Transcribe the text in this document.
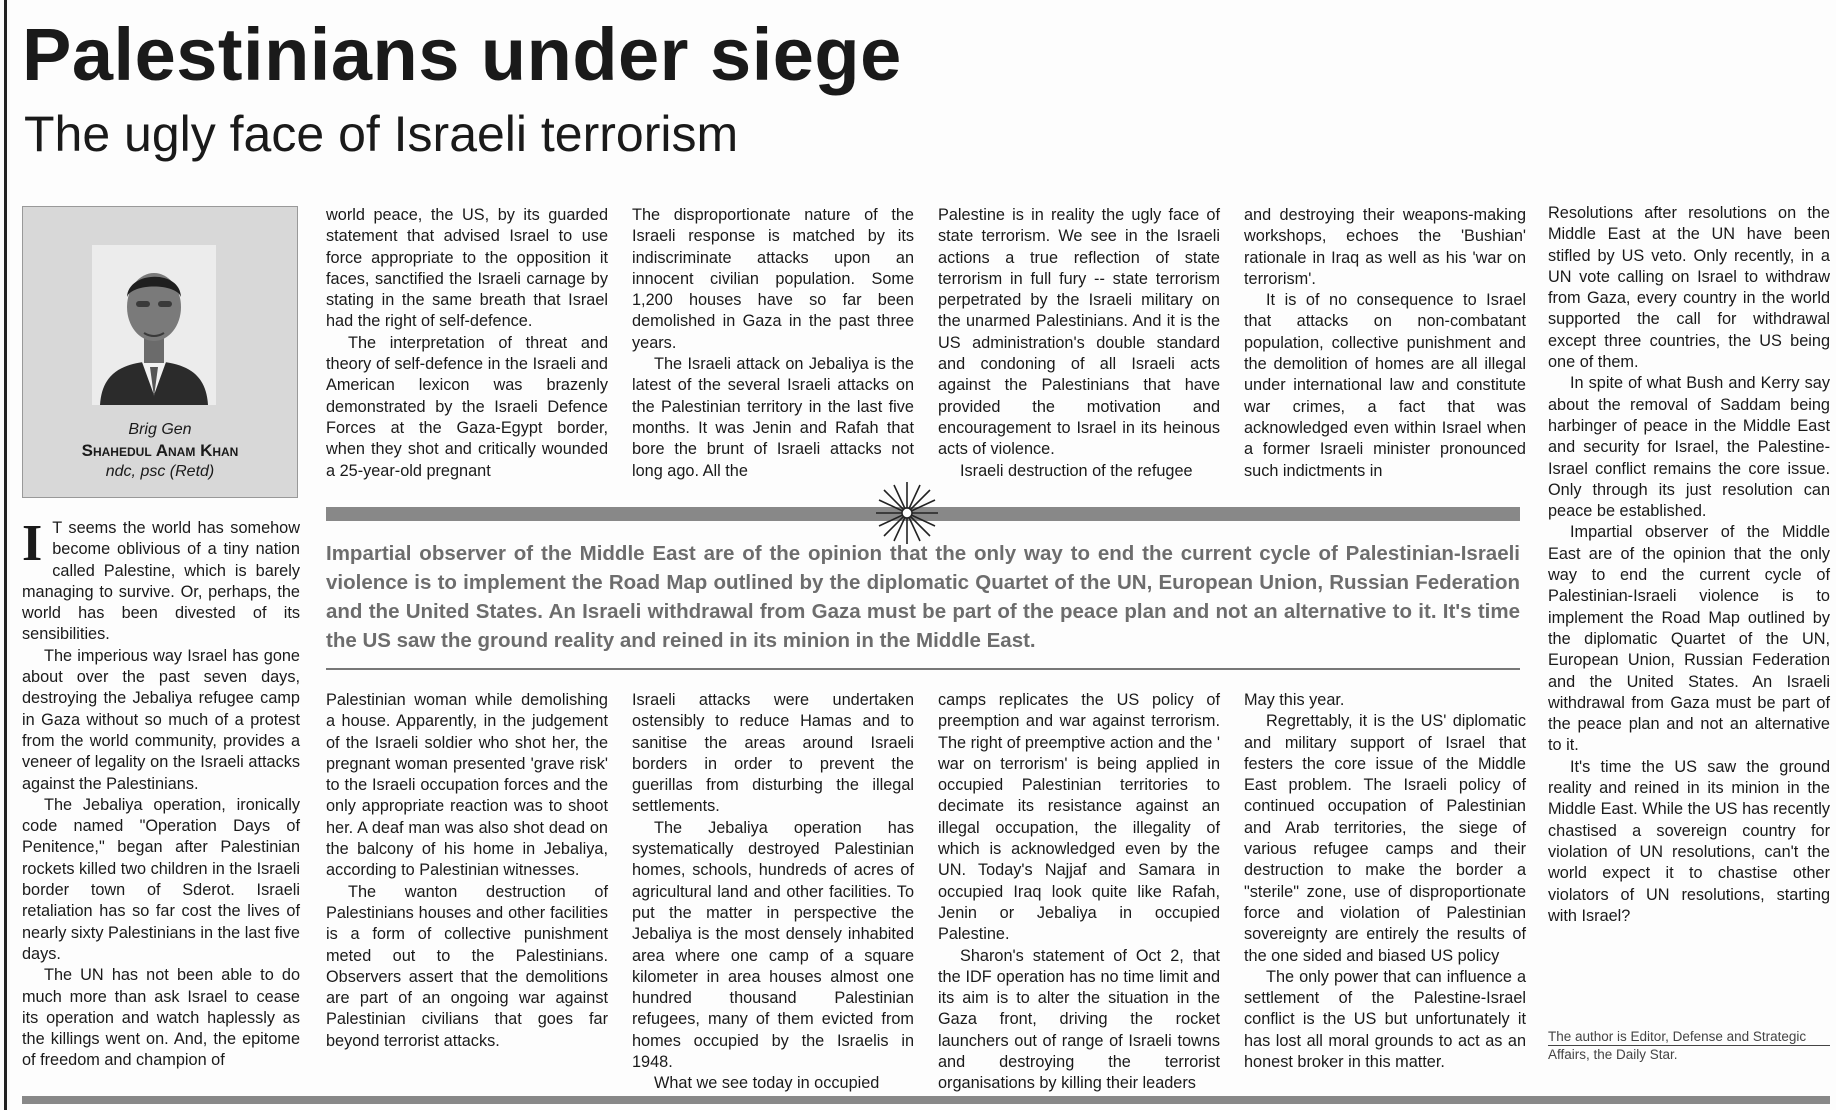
Palestinians under siege
The ugly face of Israeli terrorism
Brig Gen
Shahedul Anam Khan
ndc, psc (Retd)

I T seems the world has somehow become oblivious of a tiny nation called Palestine, which is barely managing to survive. Or, perhaps, the world has been divested of its sensibilities.

The imperious way Israel has gone about over the past seven days, destroying the Jebaliya refugee camp in Gaza without so much of a protest from the world community, provides a veneer of legality on the Israeli attacks against the Palestinians.

The Jebaliya operation, ironically code named "Operation Days of Penitence," began after Palestinian rockets killed two children in the Israeli border town of Sderot. Israeli retaliation has so far cost the lives of nearly sixty Palestinians in the last five days.

The UN has not been able to do much more than ask Israel to cease its operation and watch haplessly as the killings went on. And, the epitome of freedom and champion of

world peace, the US, by its guarded statement that advised Israel to use force appropriate to the opposition it faces, sanctified the Israeli carnage by stating in the same breath that Israel had the right of self-defence.

The interpretation of threat and theory of self-defence in the Israeli and American lexicon was brazenly demonstrated by the Israeli Defence Forces at the Gaza-Egypt border, when they shot and critically wounded a 25-year-old pregnant

The disproportionate nature of the Israeli response is matched by its indiscriminate attacks upon an innocent civilian population. Some 1,200 houses have so far been demolished in Gaza in the past three years.

The Israeli attack on Jebaliya is the latest of the several Israeli attacks on the Palestinian territory in the last five months. It was Jenin and Rafah that bore the brunt of Israeli attacks not long ago. All the

Palestine is in reality the ugly face of state terrorism. We see in the Israeli actions a true reflection of state terrorism in full fury -- state terrorism perpetrated by the Israeli military on the unarmed Palestinians. And it is the US administration's double standard and condoning of all Israeli acts against the Palestinians that have provided the motivation and encouragement to Israel in its heinous acts of violence.

Israeli destruction of the refugee

and destroying their weapons-making workshops, echoes the 'Bushian' rationale in Iraq as well as his 'war on terrorism'.

It is of no consequence to Israel that attacks on non-combatant population, collective punishment and the demolition of homes are all illegal under international law and constitute war crimes, a fact that was acknowledged even within Israel when a former Israeli minister pronounced such indictments in

Impartial observer of the Middle East are of the opinion that the only way to end the current cycle of Palestinian-Israeli violence is to implement the Road Map outlined by the diplomatic Quartet of the UN, European Union, Russian Federation and the United States. An Israeli withdrawal from Gaza must be part of the peace plan and not an alternative to it. It's time the US saw the ground reality and reined in its minion in the Middle East.

Palestinian woman while demolishing a house. Apparently, in the judgement of the Israeli soldier who shot her, the pregnant woman presented 'grave risk' to the Israeli occupation forces and the only appropriate reaction was to shoot her. A deaf man was also shot dead on the balcony of his home in Jebaliya, according to Palestinian witnesses.

The wanton destruction of Palestinians houses and other facilities is a form of collective punishment meted out to the Palestinians. Observers assert that the demolitions are part of an ongoing war against Palestinian civilians that goes far beyond terrorist attacks.

Israeli attacks were undertaken ostensibly to reduce Hamas and to sanitise the areas around Israeli borders in order to prevent the guerillas from disturbing the illegal settlements.

The Jebaliya operation has systematically destroyed Palestinian homes, schools, hundreds of acres of agricultural land and other facilities. To put the matter in perspective the Jebaliya is the most densely inhabited area where one camp of a square kilometer in area houses almost one hundred thousand Palestinian refugees, many of them evicted from homes occupied by the Israelis in 1948.

What we see today in occupied

camps replicates the US policy of preemption and war against terrorism. The right of preemptive action and the ' war on terrorism' is being applied in occupied Palestinian territories to decimate its resistance against an illegal occupation, the illegality of which is acknowledged even by the UN. Today's Najjaf and Samara in occupied Iraq look quite like Rafah, Jenin or Jebaliya in occupied Palestine.

Sharon's statement of Oct 2, that the IDF operation has no time limit and its aim is to alter the situation in the Gaza front, driving the rocket launchers out of range of Israeli towns and destroying the terrorist organisations by killing their leaders

May this year.

Regrettably, it is the US' diplomatic and military support of Israel that festers the core issue of the Middle East problem. The Israeli policy of continued occupation of Palestinian and Arab territories, the siege of various refugee camps and their destruction to make the border a "sterile" zone, use of disproportionate force and violation of Palestinian sovereignty are entirely the results of the one sided and biased US policy

The only power that can influence a settlement of the Palestine-Israel conflict is the US but unfortunately it has lost all moral grounds to act as an honest broker in this matter.

Resolutions after resolutions on the Middle East at the UN have been stifled by US veto. Only recently, in a UN vote calling on Israel to withdraw from Gaza, every country in the world supported the call for withdrawal except three countries, the US being one of them.

In spite of what Bush and Kerry say about the removal of Saddam being harbinger of peace in the Middle East and security for Israel, the Palestine- Israel conflict remains the core issue. Only through its just resolution can peace be established.

Impartial observer of the Middle East are of the opinion that the only way to end the current cycle of Palestinian-Israeli violence is to implement the Road Map outlined by the diplomatic Quartet of the UN, European Union, Russian Federation and the United States. An Israeli withdrawal from Gaza must be part of the peace plan and not an alternative to it.

It's time the US saw the ground reality and reined in its minion in the Middle East. While the US has recently chastised a sovereign country for violation of UN resolutions, can't the world expect it to chastise other violators of UN resolutions, starting with Israel?

The author is Editor, Defense and Strategic Affairs, the Daily Star.
